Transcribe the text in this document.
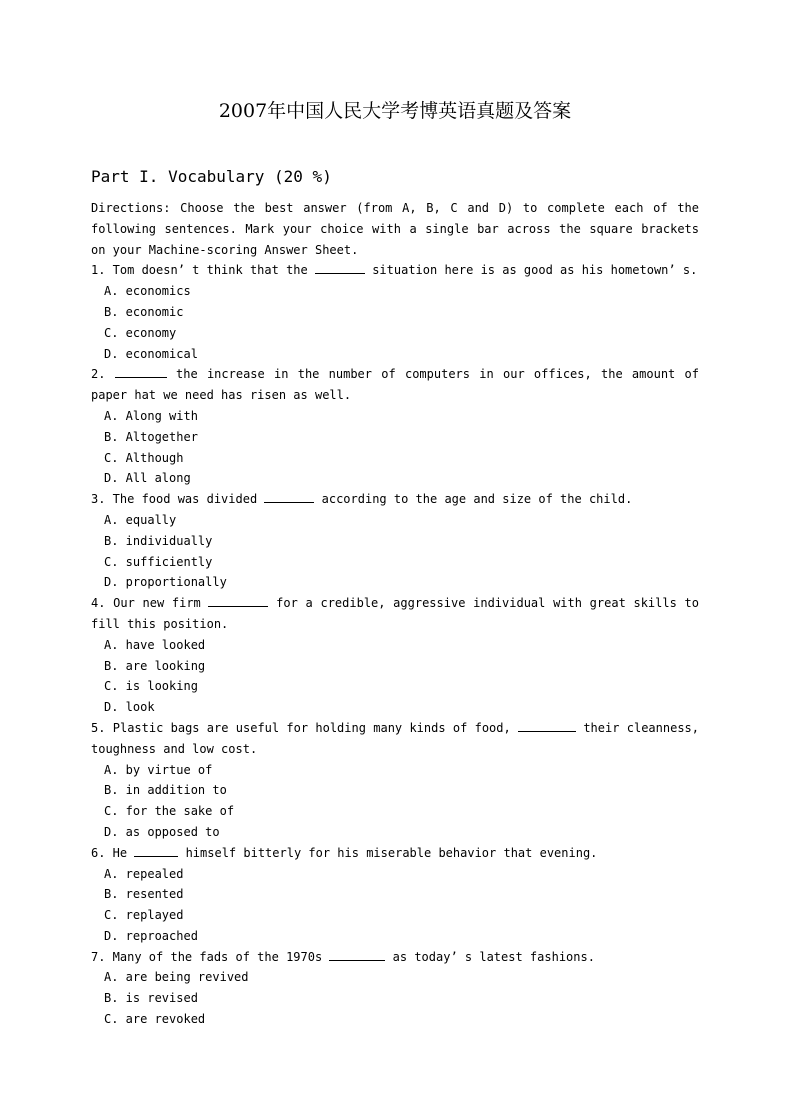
2007年中国人民大学考博英语真题及答案
Part I. Vocabulary (20 %)

Directions: Choose the best answer (from A, B, C and D) to complete each of the following sentences. Mark your choice with a single bar across the square brackets on your Machine-scoring Answer Sheet.

1. Tom doesn’ t think that the	situation here is as good as his hometown’ s.

A. economics
B. economic
C. economy
D. economical

2.	the increase in the number of computers in our offices, the amount of paper hat we need has risen as well.

A. Along with
B. Altogether
C. Although
D. All along

3. The food was divided	according to the age and size of the child.

A. equally
B. individually
C. sufficiently
D. proportionally

4. Our new firm	for a credible, aggressive individual with great skills to fill this position.

A. have looked
B. are looking
C. is looking
D. look

5. Plastic bags are useful for holding many kinds of food,	their cleanness, toughness and low cost.

A. by virtue of
B. in addition to
C. for the sake of
D. as opposed to

6. He	himself bitterly for his miserable behavior that evening.

A. repealed
B. resented
C. replayed
D. reproached

7. Many of the fads of the 1970s	as today’ s latest fashions.

A. are being revived
B. is revised
C. are revoked
